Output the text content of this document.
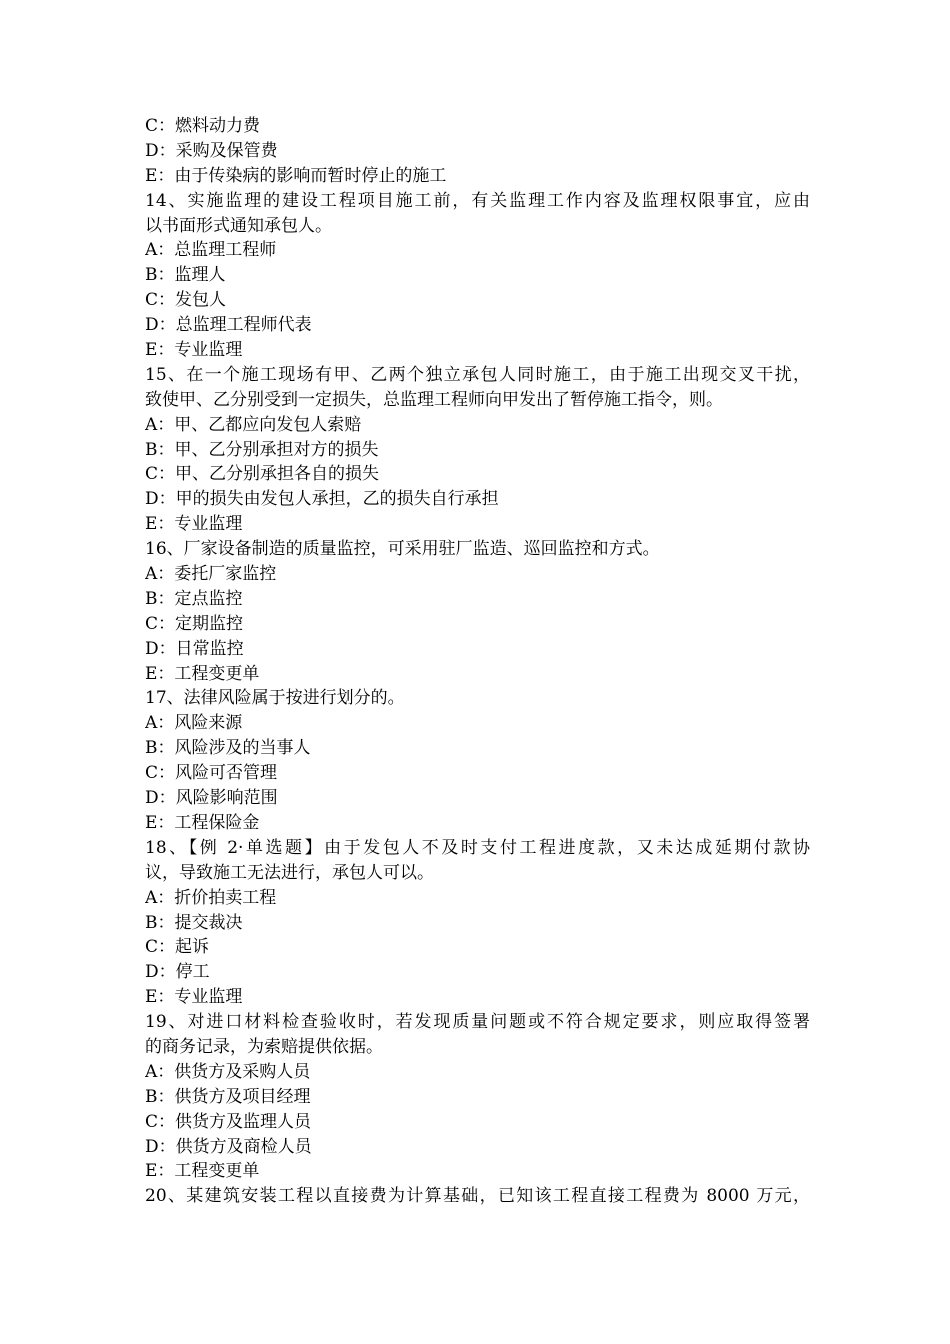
C：燃料动力费
D：采购及保管费
E：由于传染病的影响而暂时停止的施工
14、实施监理的建设工程项目施工前，有关监理工作内容及监理权限事宜，应由
以书面形式通知承包人。
A：总监理工程师
B：监理人
C：发包人
D：总监理工程师代表
E：专业监理
15、在一个施工现场有甲、乙两个独立承包人同时施工，由于施工出现交叉干扰，
致使甲、乙分别受到一定损失，总监理工程师向甲发出了暂停施工指令，则。
A：甲、乙都应向发包人索赔
B：甲、乙分别承担对方的损失
C：甲、乙分别承担各自的损失
D：甲的损失由发包人承担，乙的损失自行承担
E：专业监理
16、厂家设备制造的质量监控，可采用驻厂监造、巡回监控和方式。
A：委托厂家监控
B：定点监控
C：定期监控
D：日常监控
E：工程变更单
17、法律风险属于按进行划分的。
A：风险来源
B：风险涉及的当事人
C：风险可否管理
D：风险影响范围
E：工程保险金
18、【例 2·单选题】由于发包人不及时支付工程进度款，又未达成延期付款协
议，导致施工无法进行，承包人可以。
A：折价拍卖工程
B：提交裁决
C：起诉
D：停工
E：专业监理
19、对进口材料检查验收时，若发现质量问题或不符合规定要求，则应取得签署
的商务记录，为索赔提供依据。
A：供货方及采购人员
B：供货方及项目经理
C：供货方及监理人员
D：供货方及商检人员
E：工程变更单
20、某建筑安装工程以直接费为计算基础，已知该工程直接工程费为 8000 万元，
